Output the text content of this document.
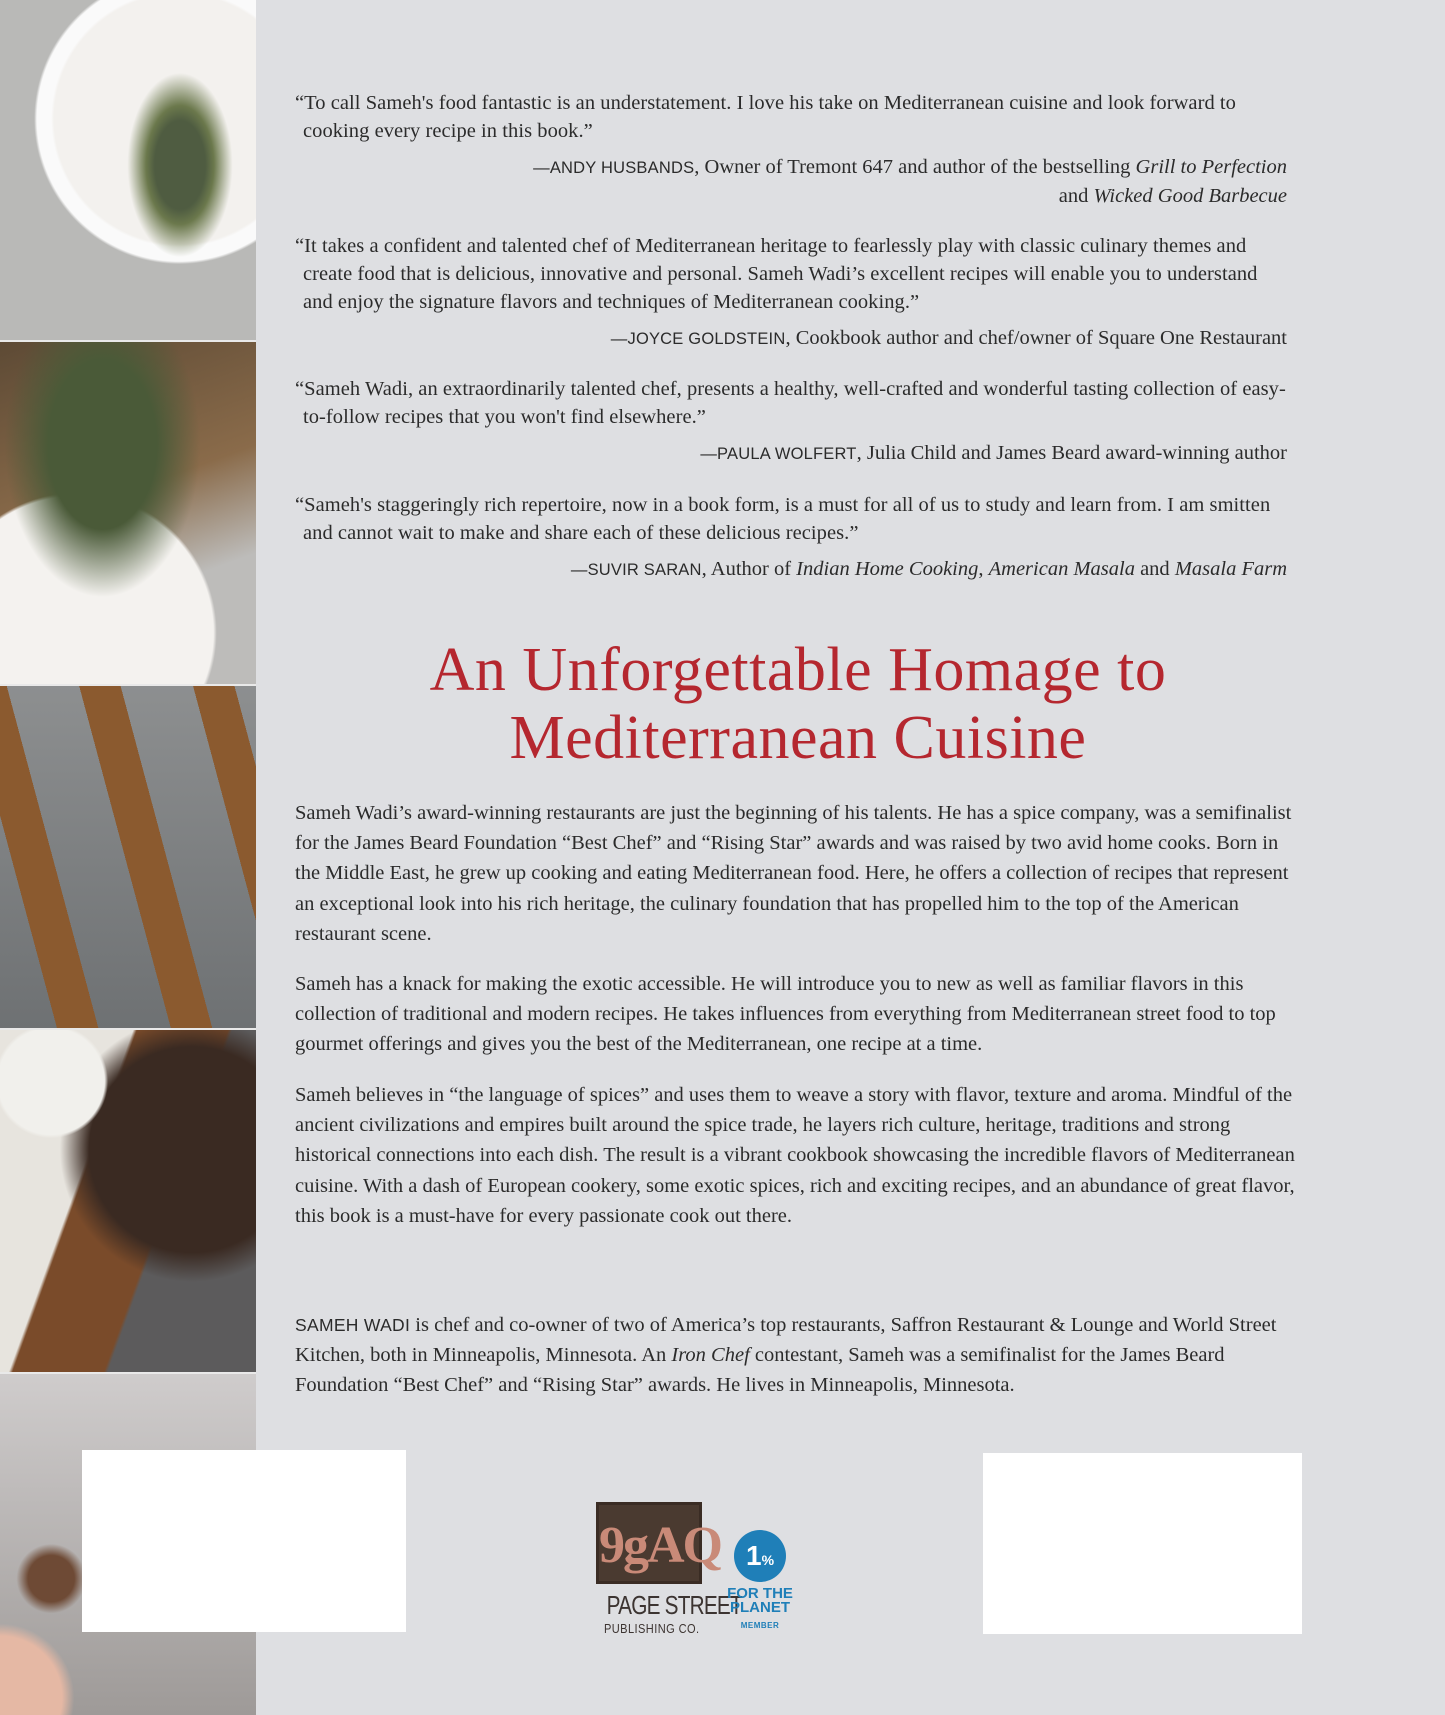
“To call Sameh's food fantastic is an understatement. I love his take on Mediterranean cuisine and look forward to cooking every recipe in this book.”
—ANDY HUSBANDS, Owner of Tremont 647 and author of the bestselling Grill to Perfection
and Wicked Good Barbecue
“It takes a confident and talented chef of Mediterranean heritage to fearlessly play with classic culinary themes and create food that is delicious, innovative and personal. Sameh Wadi’s excellent recipes will enable you to understand and enjoy the signature flavors and techniques of Mediterranean cooking.”
—JOYCE GOLDSTEIN, Cookbook author and chef/owner of Square One Restaurant
“Sameh Wadi, an extraordinarily talented chef, presents a healthy, well-crafted and wonderful tasting collection of easy-to-follow recipes that you won't find elsewhere.”
—PAULA WOLFERT, Julia Child and James Beard award-winning author
“Sameh's staggeringly rich repertoire, now in a book form, is a must for all of us to study and learn from. I am smitten and cannot wait to make and share each of these delicious recipes.”
—SUVIR SARAN, Author of Indian Home Cooking, American Masala and Masala Farm
An Unforgettable Homage to
Mediterranean Cuisine

Sameh Wadi’s award-winning restaurants are just the beginning of his talents. He has a spice company, was a semifinalist for the James Beard Foundation “Best Chef” and “Rising Star” awards and was raised by two avid home cooks. Born in the Middle East, he grew up cooking and eating Mediterranean food. Here, he offers a collection of recipes that represent an exceptional look into his rich heritage, the culinary foundation that has propelled him to the top of the American restaurant scene.

Sameh has a knack for making the exotic accessible. He will introduce you to new as well as familiar flavors in this collection of traditional and modern recipes. He takes influences from everything from Mediterranean street food to top gourmet offerings and gives you the best of the Mediterranean, one recipe at a time.

Sameh believes in “the language of spices” and uses them to weave a story with flavor, texture and aroma. Mindful of the ancient civilizations and empires built around the spice trade, he layers rich culture, heritage, traditions and strong historical connections into each dish. The result is a vibrant cookbook showcasing the incredible flavors of Mediterranean cuisine. With a dash of European cookery, some exotic spices, rich and exciting recipes, and an abundance of great flavor, this book is a must-have for every passionate cook out there.

SAMEH WADI is chef and co-owner of two of America’s top restaurants, Saffron Restaurant & Lounge and World Street Kitchen, both in Minneapolis, Minnesota. An Iron Chef contestant, Sameh was a semifinalist for the James Beard Foundation “Best Chef” and “Rising Star” awards. He lives in Minneapolis, Minnesota.

9gAQ
PAGE STREET
PUBLISHING CO.
1%
FOR THE
PLANET
MEMBER
